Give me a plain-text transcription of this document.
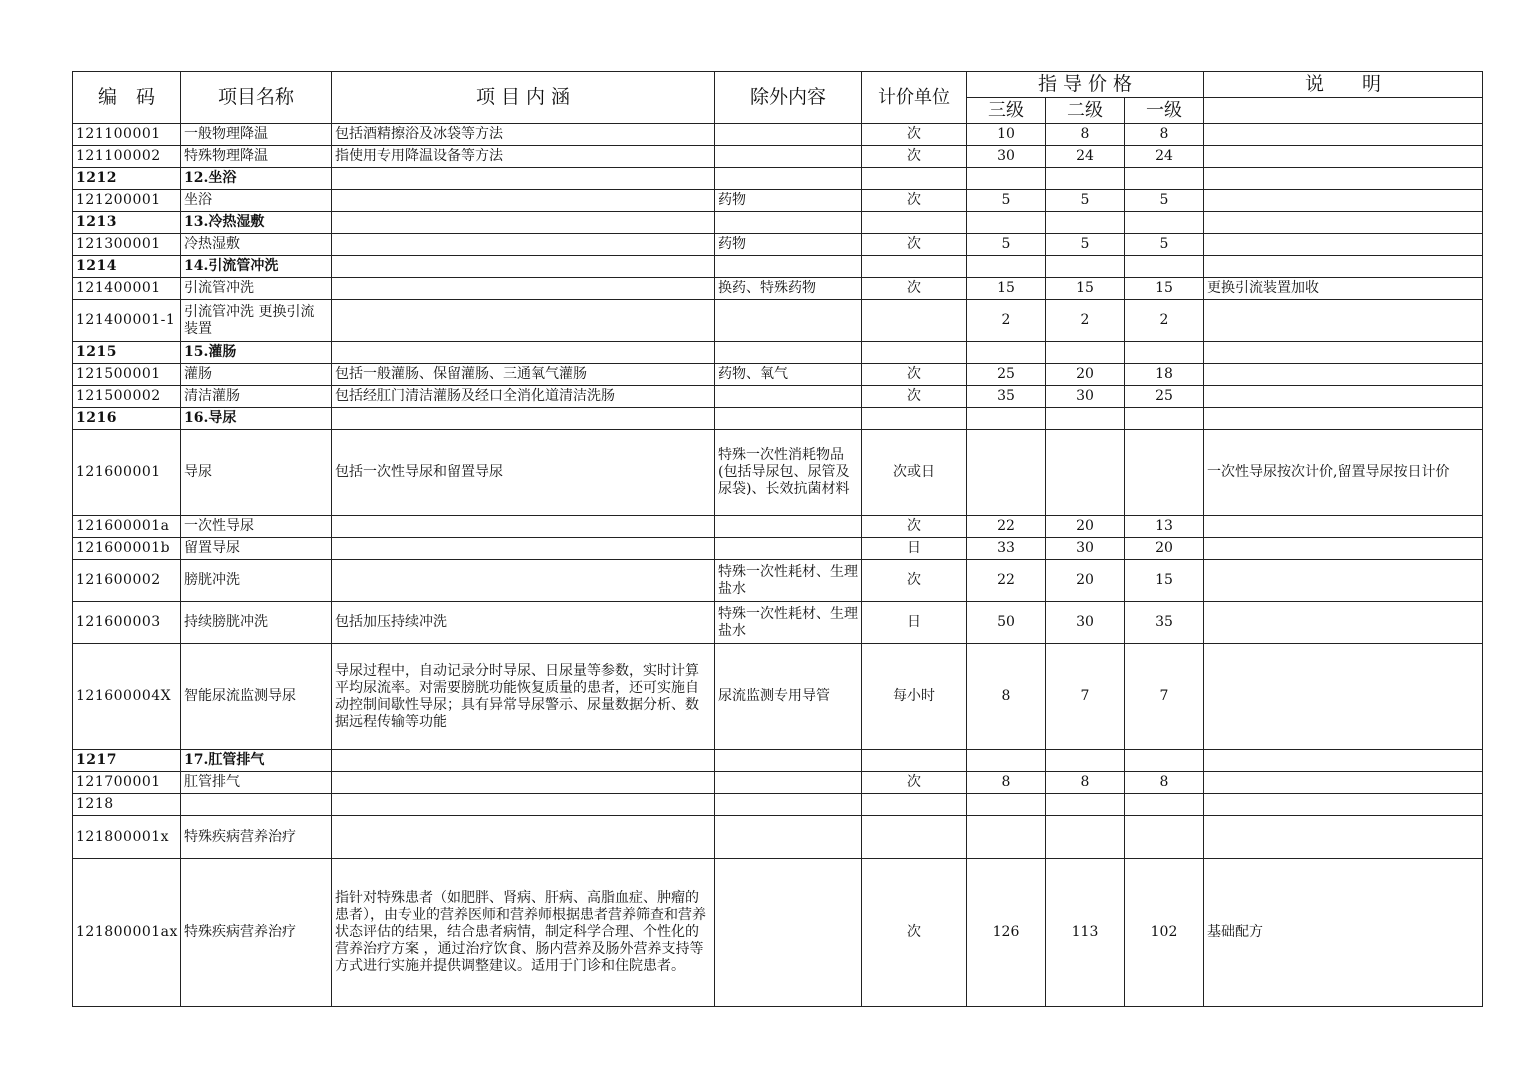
编　码	项目名称	项 目 内 涵	除外内容	计价单位	指 导 价 格			说　　明
					三级	二级	一级	
121100001	一般物理降温	包括酒精擦浴及冰袋等方法		次	10	8	8	
121100002	特殊物理降温	指使用专用降温设备等方法		次	30	24	24	
1212	12.坐浴							
121200001	坐浴		药物	次	5	5	5	
1213	13.冷热湿敷							
121300001	冷热湿敷		药物	次	5	5	5	
1214	14.引流管冲洗							
121400001	引流管冲洗		换药、特殊药物	次	15	15	15	更换引流装置加收
121400001-1	引流管冲洗 更换引流装置				2	2	2	
1215	15.灌肠							
121500001	灌肠	包括一般灌肠、保留灌肠、三通氧气灌肠	药物、氧气	次	25	20	18	
121500002	清洁灌肠	包括经肛门清洁灌肠及经口全消化道清洁洗肠		次	35	30	25	
1216	16.导尿							
121600001	导尿	包括一次性导尿和留置导尿	特殊一次性消耗物品(包括导尿包、尿管及尿袋)、长效抗菌材料	次或日				一次性导尿按次计价,留置导尿按日计价
121600001a	一次性导尿			次	22	20	13	
121600001b	留置导尿			日	33	30	20	
121600002	膀胱冲洗		特殊一次性耗材、生理盐水	次	22	20	15	
121600003	持续膀胱冲洗	包括加压持续冲洗	特殊一次性耗材、生理盐水	日	50	30	35	
121600004X	智能尿流监测导尿	导尿过程中，自动记录分时导尿、日尿量等参数，实时计算平均尿流率。对需要膀胱功能恢复质量的患者，还可实施自动控制间歇性导尿；具有异常导尿警示、尿量数据分析、数据远程传输等功能	尿流监测专用导管	每小时	8	7	7	
1217	17.肛管排气							
121700001	肛管排气			次	8	8	8	
1218								
121800001x	特殊疾病营养治疗							
121800001ax	特殊疾病营养治疗	指针对特殊患者（如肥胖、肾病、肝病、高脂血症、肿瘤的患者），由专业的营养医师和营养师根据患者营养筛查和营养状态评估的结果，结合患者病情，制定科学合理、个性化的营养治疗方案 ，通过治疗饮食、肠内营养及肠外营养支持等方式进行实施并提供调整建议。适用于门诊和住院患者。		次	126	113	102	基础配方
